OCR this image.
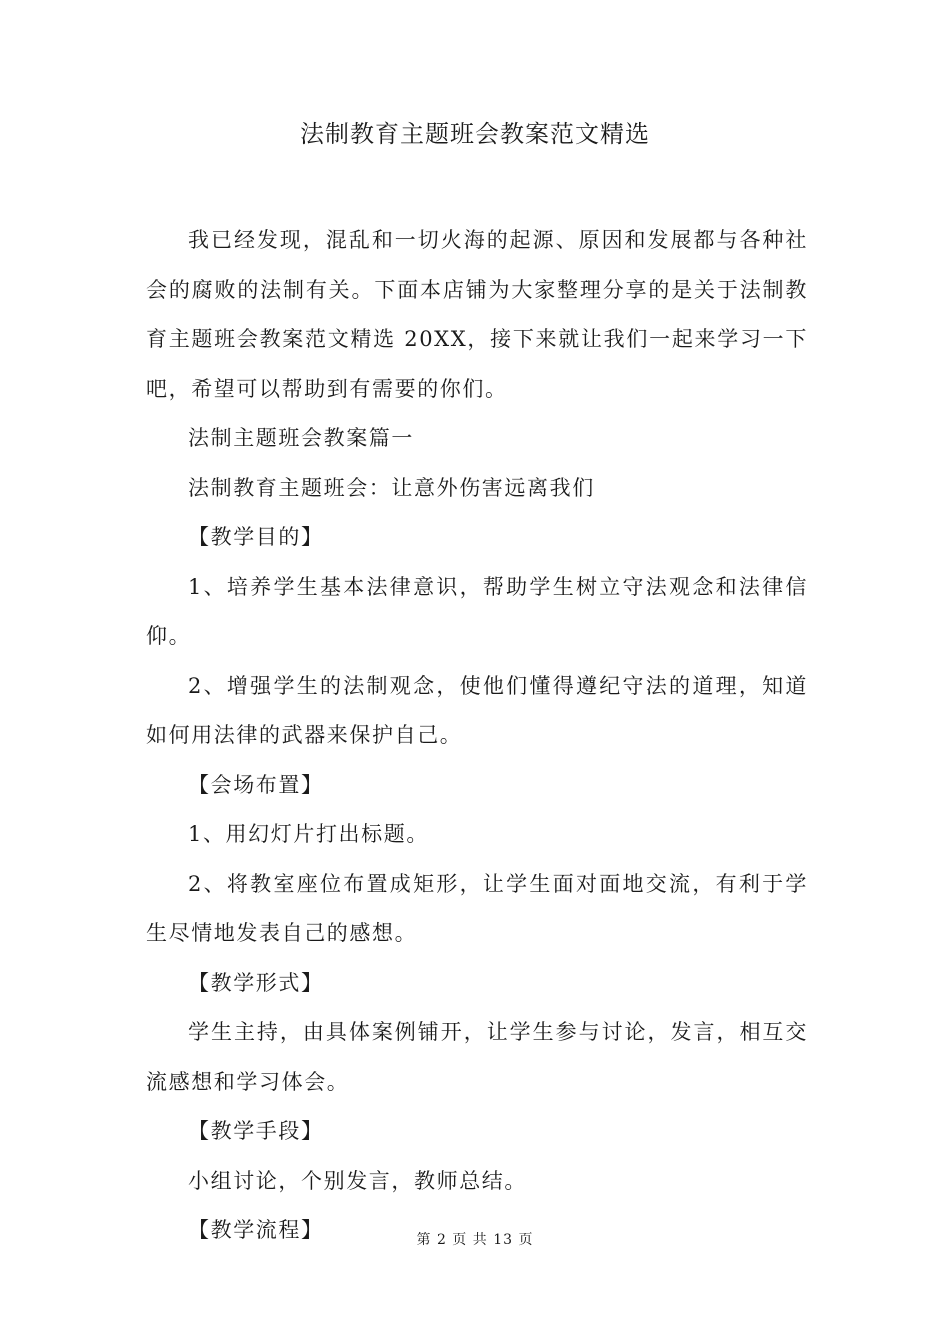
法制教育主题班会教案范文精选

我已经发现，混乱和一切火海的起源、原因和发展都与各种社会的腐败的法制有关。下面本店铺为大家整理分享的是关于法制教育主题班会教案范文精选 20XX，接下来就让我们一起来学习一下吧，希望可以帮助到有需要的你们。

法制主题班会教案篇一

法制教育主题班会：让意外伤害远离我们

【教学目的】

1、培养学生基本法律意识，帮助学生树立守法观念和法律信仰。

2、增强学生的法制观念，使他们懂得遵纪守法的道理，知道如何用法律的武器来保护自己。

【会场布置】

1、用幻灯片打出标题。

2、将教室座位布置成矩形，让学生面对面地交流，有利于学生尽情地发表自己的感想。

【教学形式】

学生主持，由具体案例铺开，让学生参与讨论，发言，相互交流感想和学习体会。

【教学手段】

小组讨论，个别发言，教师总结。

【教学流程】	第 2 页 共 13 页
